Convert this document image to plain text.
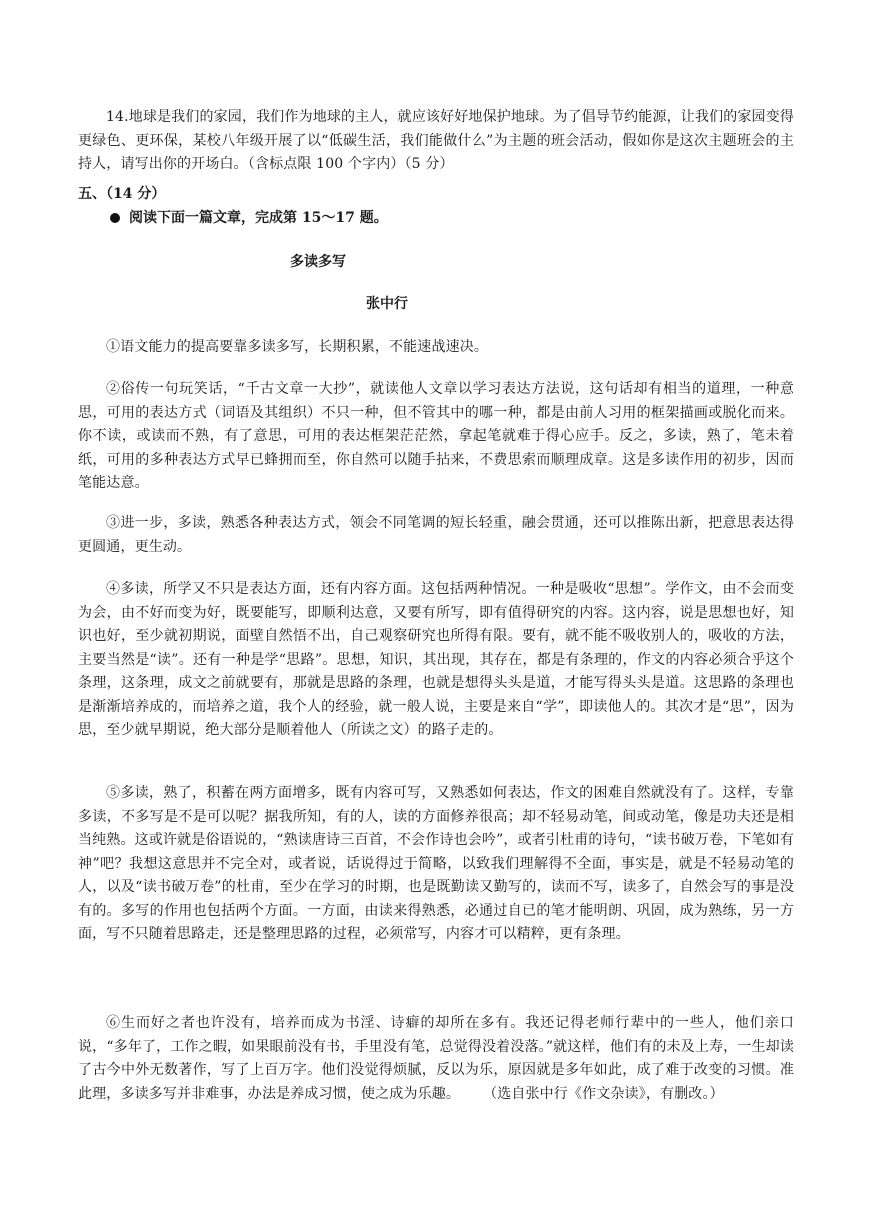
14.地球是我们的家园，我们作为地球的主人，就应该好好地保护地球。为了倡导节约能源，让我们的家园变得更绿色、更环保，某校八年级开展了以“低碳生活，我们能做什么”为主题的班会活动，假如你是这次主题班会的主持人，请写出你的开场白。（含标点限 100 个字内）（5 分）
五、（14 分）
阅读下面一篇文章，完成第 15～17 题。
多读多写
张中行
①语文能力的提高要靠多读多写，长期积累，不能速战速决。
②俗传一句玩笑话，“千古文章一大抄”，就读他人文章以学习表达方法说，这句话却有相当的道理，一种意思，可用的表达方式（词语及其组织）不只一种，但不管其中的哪一种，都是由前人习用的框架描画或脱化而来。你不读，或读而不熟，有了意思，可用的表达框架茫茫然，拿起笔就难于得心应手。反之，多读，熟了，笔未着纸，可用的多种表达方式早已蜂拥而至，你自然可以随手拈来，不费思索而顺理成章。这是多读作用的初步，因而笔能达意。
③进一步，多读，熟悉各种表达方式，领会不同笔调的短长轻重，融会贯通，还可以推陈出新，把意思表达得更圆通，更生动。
④多读，所学又不只是表达方面，还有内容方面。这包括两种情况。一种是吸收“思想”。学作文，由不会而变为会，由不好而变为好，既要能写，即顺利达意，又要有所写，即有值得研究的内容。这内容，说是思想也好，知识也好，至少就初期说，面壁自然悟不出，自己观察研究也所得有限。要有，就不能不吸收别人的，吸收的方法，主要当然是“读”。还有一种是学“思路”。思想，知识，其出现，其存在，都是有条理的，作文的内容必须合乎这个条理，这条理，成文之前就要有，那就是思路的条理，也就是想得头头是道，才能写得头头是道。这思路的条理也是渐渐培养成的，而培养之道，我个人的经验，就一般人说，主要是来自“学”，即读他人的。其次才是“思”，因为思，至少就早期说，绝大部分是顺着他人（所读之文）的路子走的。
⑤多读，熟了，积蓄在两方面增多，既有内容可写，又熟悉如何表达，作文的困难自然就没有了。这样，专靠多读，不多写是不是可以呢？据我所知，有的人，读的方面修养很高；却不轻易动笔，间或动笔，像是功夫还是相当纯熟。这或许就是俗语说的，“熟读唐诗三百首，不会作诗也会吟”，或者引杜甫的诗句，“读书破万卷，下笔如有神”吧？我想这意思并不完全对，或者说，话说得过于简略，以致我们理解得不全面，事实是，就是不轻易动笔的人，以及“读书破万卷”的杜甫，至少在学习的时期，也是既勤读又勤写的，读而不写，读多了，自然会写的事是没有的。多写的作用也包括两个方面。一方面，由读来得熟悉，必通过自已的笔才能明朗、巩固，成为熟练，另一方面，写不只随着思路走，还是整理思路的过程，必须常写，内容才可以精粹，更有条理。
⑥生而好之者也许没有，培养而成为书淫、诗癖的却所在多有。我还记得老师行辈中的一些人，他们亲口说，“多年了，工作之暇，如果眼前没有书，手里没有笔，总觉得没着没落。”就这样，他们有的未及上寿，一生却读了古今中外无数著作，写了上百万字。他们没觉得烦腻，反以为乐，原因就是多年如此，成了难于改变的习惯。准此理，多读多写并非难事，办法是养成习惯，使之成为乐趣。 （选自张中行《作文杂读》，有删改。）
